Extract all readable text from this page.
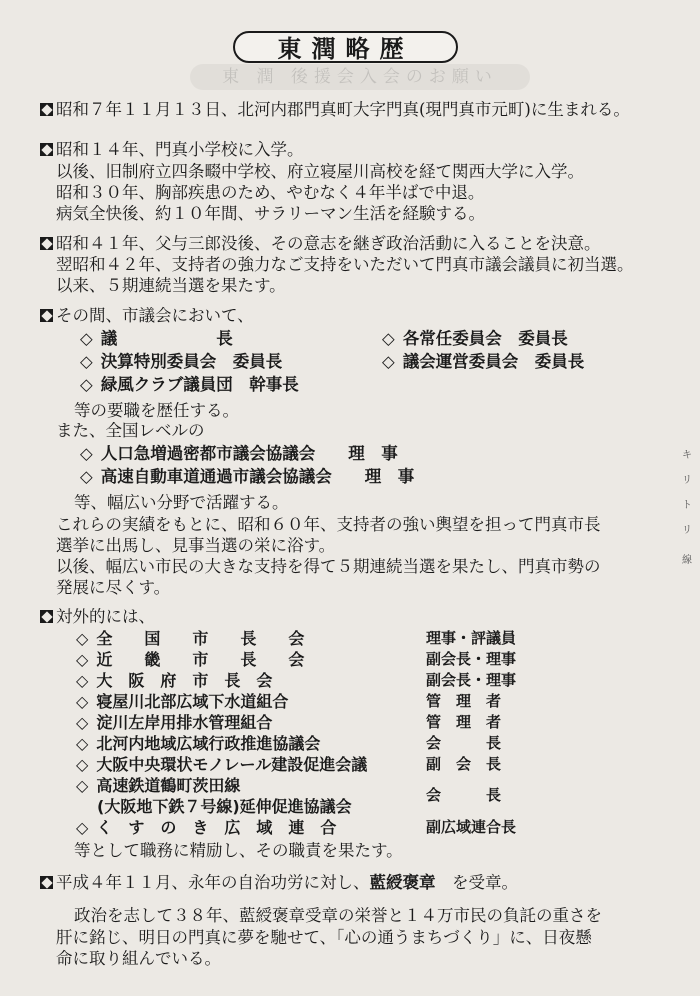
東 潤 後援会入会のお願い
東潤略歴
昭和７年１１月１３日、北河内郡門真町大字門真(現門真市元町)に生まれる。
昭和１４年、門真小学校に入学。
以後、旧制府立四条畷中学校、府立寝屋川高校を経て関西大学に入学。
昭和３０年、胸部疾患のため、やむなく４年半ばで中退。
病気全快後、約１０年間、サラリーマン生活を経験する。
昭和４１年、父与三郎没後、その意志を継ぎ政治活動に入ることを決意。
翌昭和４２年、支持者の強力なご支持をいただいて門真市議会議員に初当選。
以来、５期連続当選を果たす。
その間、市議会において、
◇ 議　　　　　　長	◇ 各常任委員会　 委員長
◇ 決算特別委員会　 委員長	◇ 議会運営委員会　 委員長
◇ 緑風クラブ議員団　 幹事長
等の要職を歴任する。
また、全国レベルの
◇ 人口急増過密都市議会協議会　　 理　事
◇ 高速自動車道通過市議会協議会　　 理　事
等、幅広い分野で活躍する。
これらの実績をもとに、昭和６０年、支持者の強い輿望を担って門真市長
選挙に出馬し、見事当選の栄に浴す。
以後、幅広い市民の大きな支持を得て５期連続当選を果たし、門真市勢の
発展に尽くす。
対外的には、
◇ 全　　国　　市　　長　　会	理事・評議員
◇ 近　　畿　　市　　長　　会	副会長・理事
◇ 大　阪　府　市　長　会	副会長・理事
◇ 寝屋川北部広域下水道組合	管　理　者
◇ 淀川左岸用排水管理組合	管　理　者
◇ 北河内地域広域行政推進協議会	会　　　長
◇ 大阪中央環状モノレール建設促進会議	副　会　長
◇ 高速鉄道鶴町茨田線	会　　　長
(大阪地下鉄７号線)延伸促進協議会
◇ く　す　の　き　広　域　連　合	副広域連合長
等として職務に精励し、その職責を果たす。
平成４年１１月、永年の自治功労に対し、藍綬褒章　 を受章。
政治を志して３８年、藍綬褒章受章の栄誉と１４万市民の負託の重さを
肝に銘じ、明日の門真に夢を馳せて、「心の通うまちづくり」に、日夜懸
命に取り組んでいる。
キ
リ
ト
リ
線
